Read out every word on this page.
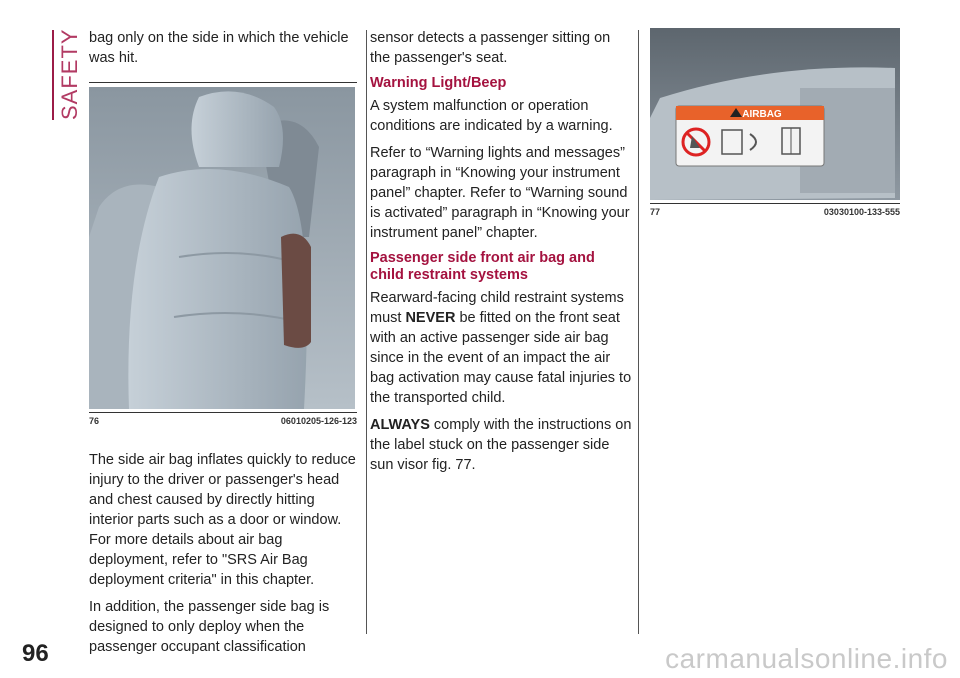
SAFETY bag only on the side in which the vehicle was hit.

76	06010205-126-123

The side air bag inflates quickly to reduce injury to the driver or passenger's head and chest caused by directly hitting interior parts such as a door or window. For more details about air bag deployment, refer to "SRS Air Bag deployment criteria" in this chapter.

In addition, the passenger side bag is designed to only deploy when the passenger occupant classification

sensor detects a passenger sitting on the passenger's seat.

Warning Light/Beep

A system malfunction or operation conditions are indicated by a warning.

Refer to “Warning lights and messages” paragraph in “Knowing your instrument panel” chapter. Refer to “Warning sound is activated” paragraph in “Knowing your instrument panel” chapter.

Passenger side front air bag and child restraint systems

Rearward-facing child restraint systems must NEVER be fitted on the front seat with an active passenger side air bag since in the event of an impact the air bag activation may cause fatal injuries to the transported child.

ALWAYS comply with the instructions on the label stuck on the passenger side sun visor fig. 77.

AIRBAG
77	03030100-133-555
96	carmanualsonline.info
